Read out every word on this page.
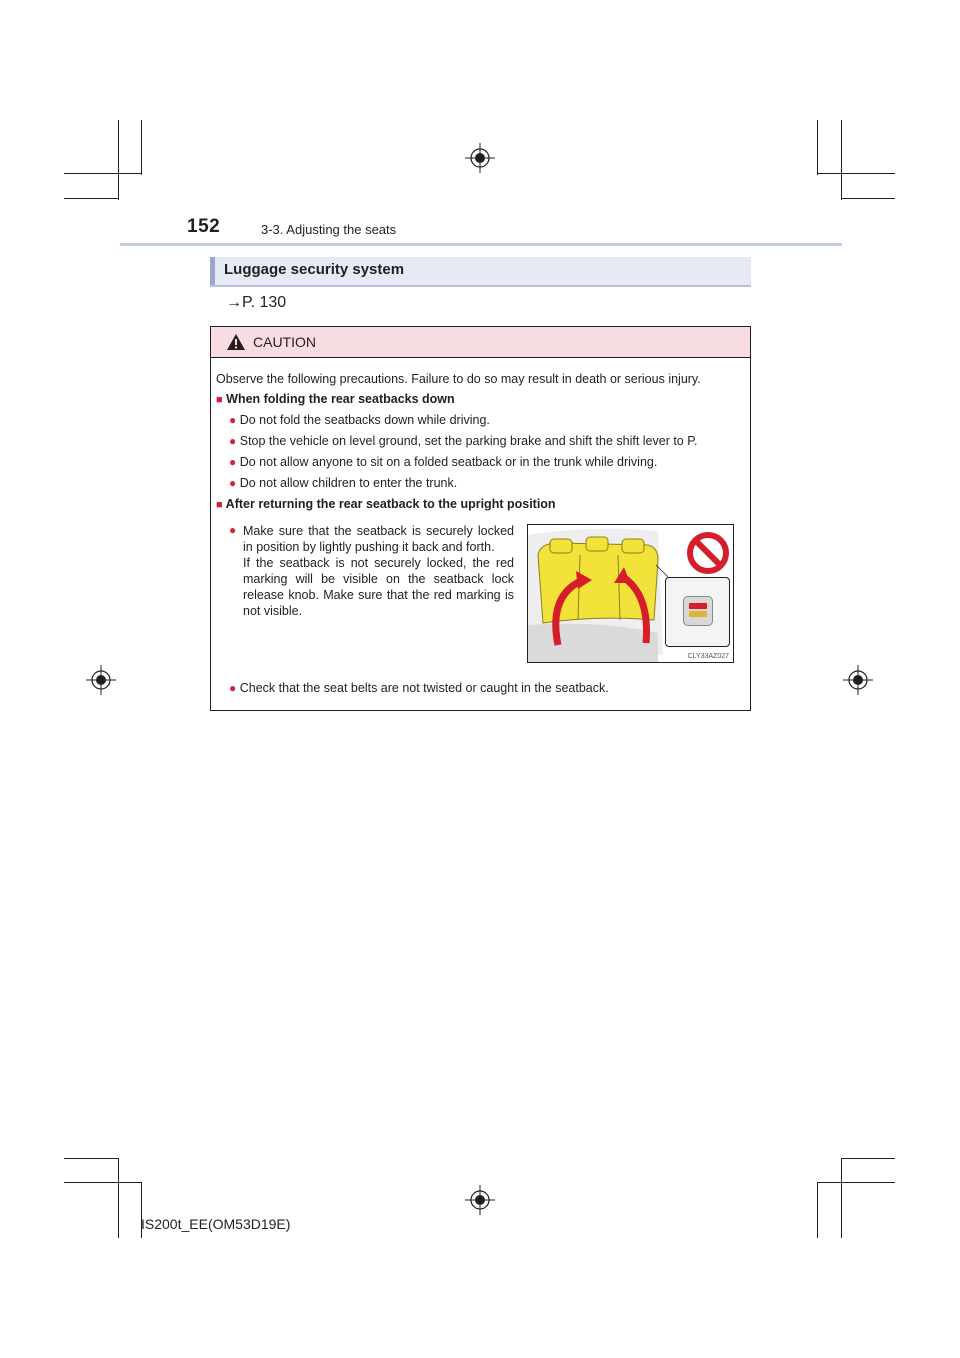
152	3-3. Adjusting the seats
Luggage security system
→P. 130
CAUTION
Observe the following precautions. Failure to do so may result in death or serious injury.
■ When folding the rear seatbacks down
● Do not fold the seatbacks down while driving.
● Stop the vehicle on level ground, set the parking brake and shift the shift lever to P.
● Do not allow anyone to sit on a folded seatback or in the trunk while driving.
● Do not allow children to enter the trunk.
■ After returning the rear seatback to the upright position
● Make sure that the seatback is securely locked in position by lightly pushing it back and forth.
If the seatback is not securely locked, the red marking will be visible on the seatback lock release knob. Make sure that the red marking is not visible.
CLY33AZ027
● Check that the seat belts are not twisted or caught in the seatback.
IS200t_EE(OM53D19E)
